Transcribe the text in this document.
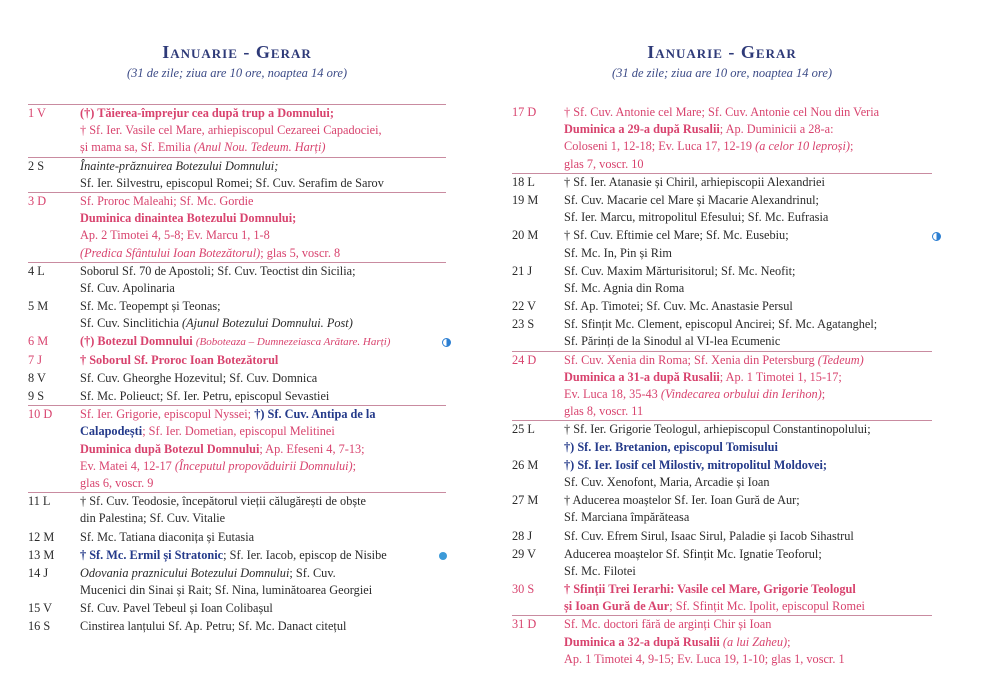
Ianuarie - Gerar
(31 de zile; ziua are 10 ore, noaptea 14 ore)
1 V	(†) Tăierea-împrejur cea după trup a Domnului;
† Sf. Ier. Vasile cel Mare, arhiepiscopul Cezareei Capadociei,
și mama sa, Sf. Emilia (Anul Nou. Tedeum. Harți)
2 S	Înainte-prăznuirea Botezului Domnului;
Sf. Ier. Silvestru, episcopul Romei; Sf. Cuv. Serafim de Sarov
3 D	Sf. Proroc Maleahi; Sf. Mc. Gordie
Duminica dinaintea Botezului Domnului;
Ap. 2 Timotei 4, 5-8; Ev. Marcu 1, 1-8
(Predica Sfântului Ioan Botezătorul); glas 5, voscr. 8
4 L	Soborul Sf. 70 de Apostoli; Sf. Cuv. Teoctist din Sicilia;
Sf. Cuv. Apolinaria
5 M	Sf. Mc. Teopempt și Teonas;
Sf. Cuv. Sinclitichia (Ajunul Botezului Domnului. Post)
6 M	(†) Botezul Domnului (Boboteaza – Dumnezeiasca Arătare. Harți)
7 J	† Soborul Sf. Proroc Ioan Botezătorul
8 V	Sf. Cuv. Gheorghe Hozevitul; Sf. Cuv. Domnica
9 S	Sf. Mc. Polieuct; Sf. Ier. Petru, episcopul Sevastiei
10 D	Sf. Ier. Grigorie, episcopul Nyssei; †) Sf. Cuv. Antipa de la
Calapodești; Sf. Ier. Dometian, episcopul Melitinei
Duminica după Botezul Domnului; Ap. Efeseni 4, 7-13;
Ev. Matei 4, 12-17 (Începutul propovăduirii Domnului);
glas 6, voscr. 9
11 L	† Sf. Cuv. Teodosie, începătorul vieții călugărești de obște
din Palestina; Sf. Cuv. Vitalie
12 M	Sf. Mc. Tatiana diaconița și Eutasia
13 M	† Sf. Mc. Ermil și Stratonic; Sf. Ier. Iacob, episcop de Nisibe
14 J	Odovania praznicului Botezului Domnului; Sf. Cuv.
Mucenici din Sinai și Rait; Sf. Nina, luminătoarea Georgiei
15 V	Sf. Cuv. Pavel Tebeul și Ioan Colibașul
16 S	Cinstirea lanțului Sf. Ap. Petru; Sf. Mc. Danact citețul
Ianuarie - Gerar
(31 de zile; ziua are 10 ore, noaptea 14 ore)
17 D	† Sf. Cuv. Antonie cel Mare; Sf. Cuv. Antonie cel Nou din Veria
Duminica a 29-a după Rusalii; Ap. Duminicii a 28-a:
Coloseni 1, 12-18; Ev. Luca 17, 12-19 (a celor 10 leproși);
glas 7, voscr. 10
18 L	† Sf. Ier. Atanasie și Chiril, arhiepiscopii Alexandriei
19 M	Sf. Cuv. Macarie cel Mare și Macarie Alexandrinul;
Sf. Ier. Marcu, mitropolitul Efesului; Sf. Mc. Eufrasia
20 M	† Sf. Cuv. Eftimie cel Mare; Sf. Mc. Eusebiu;
Sf. Mc. In, Pin și Rim
21 J	Sf. Cuv. Maxim Mărturisitorul; Sf. Mc. Neofit;
Sf. Mc. Agnia din Roma
22 V	Sf. Ap. Timotei; Sf. Cuv. Mc. Anastasie Persul
23 S	Sf. Sfințit Mc. Clement, episcopul Ancirei; Sf. Mc. Agatanghel;
Sf. Părinți de la Sinodul al VI-lea Ecumenic
24 D	Sf. Cuv. Xenia din Roma; Sf. Xenia din Petersburg (Tedeum)
Duminica a 31-a după Rusalii; Ap. 1 Timotei 1, 15-17;
Ev. Luca 18, 35-43 (Vindecarea orbului din Ierihon);
glas 8, voscr. 11
25 L	† Sf. Ier. Grigorie Teologul, arhiepiscopul Constantinopolului;
†) Sf. Ier. Bretanion, episcopul Tomisului
26 M	†) Sf. Ier. Iosif cel Milostiv, mitropolitul Moldovei;
Sf. Cuv. Xenofont, Maria, Arcadie și Ioan
27 M	† Aducerea moaștelor Sf. Ier. Ioan Gură de Aur;
Sf. Marciana împărăteasa
28 J	Sf. Cuv. Efrem Sirul, Isaac Sirul, Paladie și Iacob Sihastrul
29 V	Aducerea moaștelor Sf. Sfințit Mc. Ignatie Teoforul;
Sf. Mc. Filotei
30 S	† Sfinții Trei Ierarhi: Vasile cel Mare, Grigorie Teologul
și Ioan Gură de Aur; Sf. Sfințit Mc. Ipolit, episcopul Romei
31 D	Sf. Mc. doctori fără de arginți Chir și Ioan
Duminica a 32-a după Rusalii (a lui Zaheu);
Ap. 1 Timotei 4, 9-15; Ev. Luca 19, 1-10; glas 1, voscr. 1
